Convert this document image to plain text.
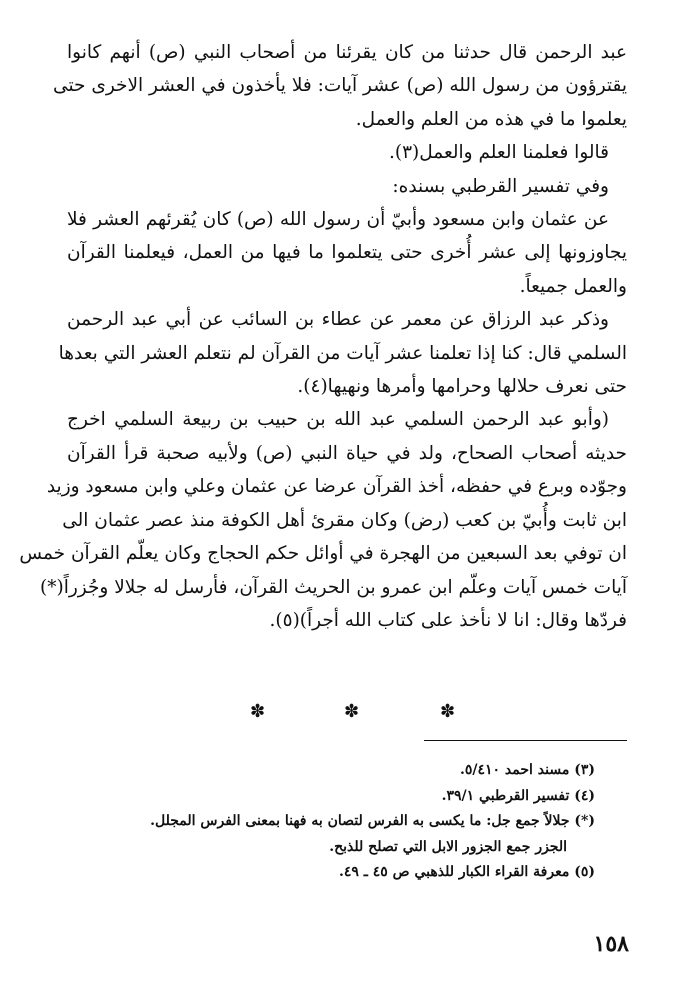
عبد الرحمن قال حدثنا من كان يقرئنا من أصحاب النبي (ص) أنهم كانوا
يقترؤون من رسول الله (ص) عشر آيات: فلا يأخذون في العشر الاخرى حتى
يعلموا ما في هذه من العلم والعمل.
قالوا فعلمنا العلم والعمل(٣).
وفي تفسير القرطبي بسنده:
عن عثمان وابن مسعود وأبيّ أن رسول الله (ص) كان يُقرئهم العشر فلا
يجاوزونها إلى عشر أُخرى حتى يتعلموا ما فيها من العمل، فيعلمنا القرآن
والعمل جميعاً.
وذكر عبد الرزاق عن معمر عن عطاء بن السائب عن أبي عبد الرحمن
السلمي قال: كنا إذا تعلمنا عشر آيات من القرآن لم نتعلم العشر التي بعدها
حتى نعرف حلالها وحرامها وأمرها ونهيها(٤).
(وأبو عبد الرحمن السلمي عبد الله بن حبيب بن ربيعة السلمي اخرج
حديثه أصحاب الصحاح، ولد في حياة النبي (ص) ولأبيه صحبة قرأ القرآن
وجوّده وبرع في حفظه، أخذ القرآن عرضا عن عثمان وعلي وابن مسعود وزيد
ابن ثابت وأُبيّ بن كعب (رض) وكان مقرئ أهل الكوفة منذ عصر عثمان الى
ان توفي بعد السبعين من الهجرة في أوائل حكم الحجاج وكان يعلّم القرآن خمس
آيات خمس آيات وعلّم ابن عمرو بن الحريث القرآن، فأرسل له جلالا وجُزراً(*)
فردّها وقال: انا لا نأخذ على كتاب الله أجراً)(٥).
✽
✽
✽
(٣) مسند احمد ٥/٤١٠.
(٤) تفسير القرطبي ٣٩/١.
(*) جلالاً جمع جل: ما يكسى به الفرس لتصان به فهنا بمعنى الفرس المجلل.
الجزر جمع الجزور الابل التي تصلح للذبح.
(٥) معرفة القراء الكبار للذهبي ص ٤٥ ـ ٤٩.
١٥٨
